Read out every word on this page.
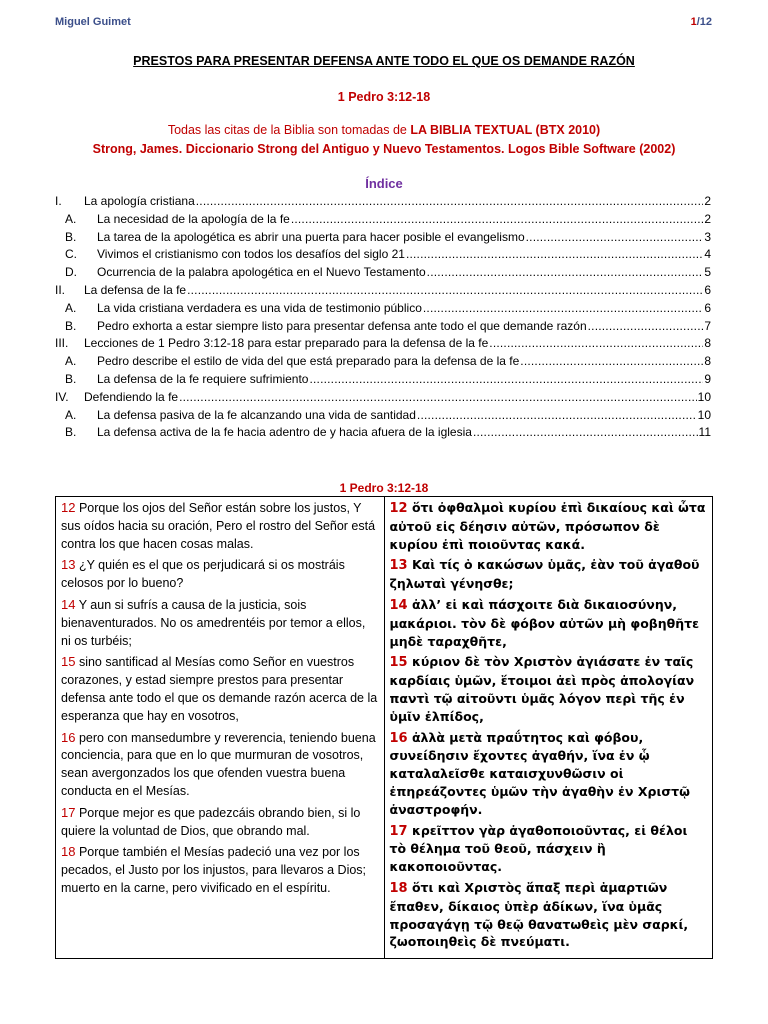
Miguel Guimet	1/12
PRESTOS PARA PRESENTAR DEFENSA ANTE TODO EL QUE OS DEMANDE RAZÓN
1 Pedro 3:12-18
Todas las citas de la Biblia son tomadas de LA BIBLIA TEXTUAL (BTX 2010)
Strong, James. Diccionario Strong del Antiguo y Nuevo Testamentos. Logos Bible Software (2002)
Índice
I.	La apología cristiana .....	2
A.	La necesidad de la apología de la fe .....	2
B.	La tarea de la apologética es abrir una puerta para hacer posible el evangelismo .....	3
C.	Vivimos el cristianismo con todos los desafíos del siglo 21 .....	4
D.	Ocurrencia de la palabra apologética en el Nuevo Testamento .....	5
II.	La defensa de la fe .....	6
A.	La vida cristiana verdadera es una vida de testimonio público .....	6
B.	Pedro exhorta a estar siempre listo para presentar defensa ante todo el que demande razón .....	7
III.	Lecciones de 1 Pedro 3:12-18 para estar preparado para la defensa de la fe .....	8
A.	Pedro describe el estilo de vida del que está preparado para la defensa de la fe .....	8
B.	La defensa de la fe requiere sufrimiento .....	9
IV.	Defendiendo la fe .....	10
A.	La defensa pasiva de la fe alcanzando una vida de santidad .....	10
B.	La defensa activa de la fe hacia adentro de y hacia afuera de la iglesia .....	11
1 Pedro 3:12-18
12 Porque los ojos del Señor están sobre los justos, Y sus oídos hacia su oración, Pero el rostro del Señor está contra los que hacen cosas malas.
13 ¿Y quién es el que os perjudicará si os mostráis celosos por lo bueno?
14 Y aun si sufrís a causa de la justicia, sois bienaventurados. No os amedrentéis por temor a ellos, ni os turbéis;
15 sino santificad al Mesías como Señor en vuestros corazones, y estad siempre prestos para presentar defensa ante todo el que os demande razón acerca de la esperanza que hay en vosotros,
16 pero con mansedumbre y reverencia, teniendo buena conciencia, para que en lo que murmuran de vosotros, sean avergonzados los que ofenden vuestra buena conducta en el Mesías.
17 Porque mejor es que padezcáis obrando bien, si lo quiere la voluntad de Dios, que obrando mal.
18 Porque también el Mesías padeció una vez por los pecados, el Justo por los injustos, para llevaros a Dios; muerto en la carne, pero vivificado en el espíritu.

12 ὅτι ὀφθαλμοὶ κυρίου ἐπὶ δικαίους καὶ ὦτα αὐτοῦ εἰς δέησιν αὐτῶν, πρόσωπον δὲ κυρίου ἐπὶ ποιοῦντας κακά.
13 Καὶ τίς ὁ κακώσων ὑμᾶς, ἐὰν τοῦ ἀγαθοῦ ζηλωταὶ γένησθε;
14 ἀλλ’ εἰ καὶ πάσχοιτε διὰ δικαιοσύνην, μακάριοι. τὸν δὲ φόβον αὐτῶν μὴ φοβηθῆτε μηδὲ ταραχθῆτε,
15 κύριον δὲ τὸν Χριστὸν ἁγιάσατε ἐν ταῖς καρδίαις ὑμῶν, ἕτοιμοι ἀεὶ πρὸς ἀπολογίαν παντὶ τῷ αἰτοῦντι ὑμᾶς λόγον περὶ τῆς ἐν ὑμῖν ἐλπίδος,
16 ἀλλὰ μετὰ πραΰτητος καὶ φόβου, συνείδησιν ἔχοντες ἀγαθήν, ἵνα ἐν ᾧ καταλαλεῖσθε καταισχυνθῶσιν οἱ ἐπηρεάζοντες ὑμῶν τὴν ἀγαθὴν ἐν Χριστῷ ἀναστροφήν.
17 κρεῖττον γὰρ ἀγαθοποιοῦντας, εἰ θέλοι τὸ θέλημα τοῦ θεοῦ, πάσχειν ἢ κακοποιοῦντας.
18 ὅτι καὶ Χριστὸς ἅπαξ περὶ ἁμαρτιῶν ἔπαθεν, δίκαιος ὑπὲρ ἀδίκων, ἵνα ὑμᾶς προσαγάγῃ τῷ θεῷ θανατωθεὶς μὲν σαρκί, ζωοποιηθεὶς δὲ πνεύματι.
